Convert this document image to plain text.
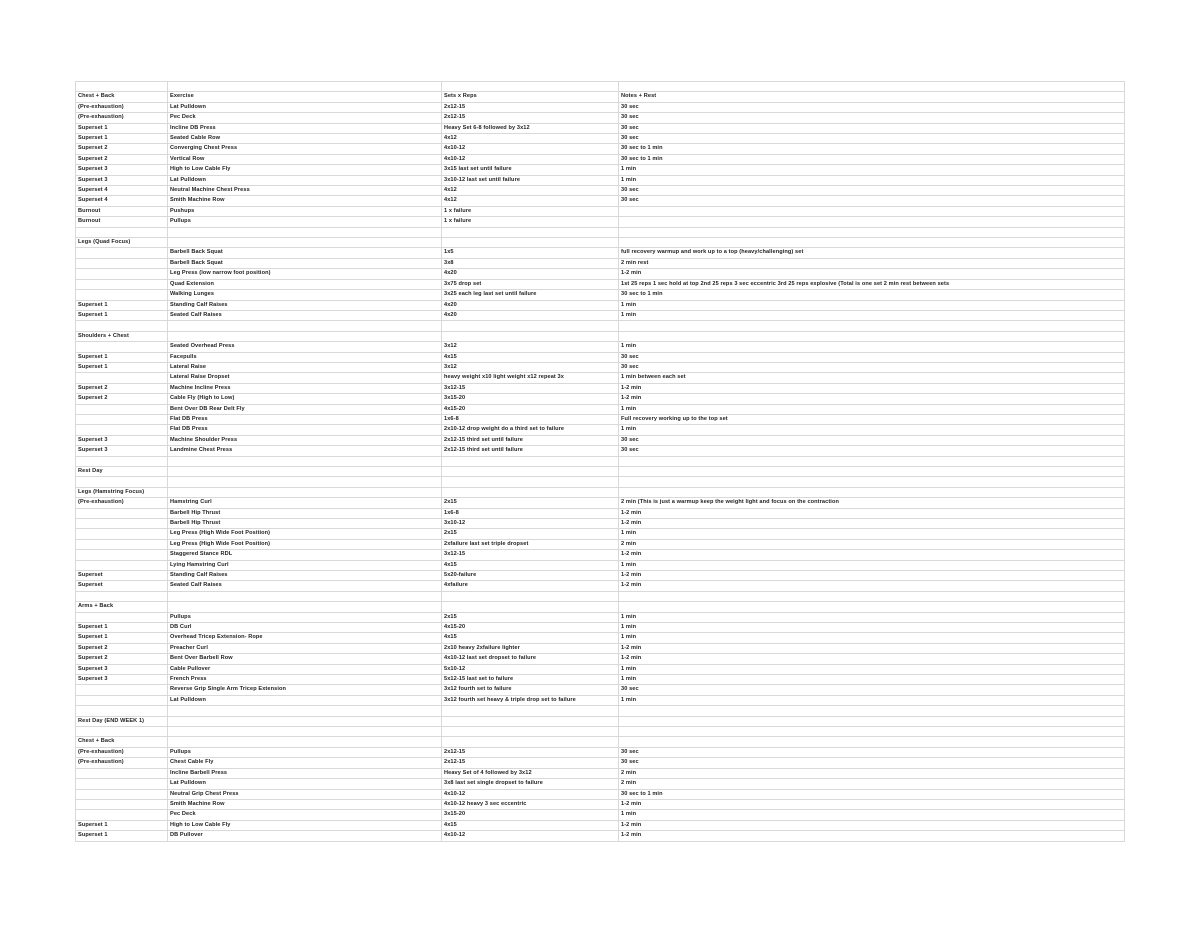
Chest + Back	Exercise	Sets x Reps	Notes + Rest
(Pre-exhaustion)	Lat Pulldown	2x12-15	30 sec
(Pre-exhaustion)	Pec Deck	2x12-15	30 sec
Superset 1	Incline DB Press	Heavy Set 6-8 followed by 3x12	30 sec
Superset 1	Seated Cable Row	4x12	30 sec
Superset 2	Converging Chest Press	4x10-12	30 sec to 1 min
Superset 2	Vertical Row	4x10-12	30 sec to 1 min
Superset 3	High to Low Cable Fly	3x15 last set until failure	1 min
Superset 3	Lat Pulldown	3x10-12 last set until failure	1 min
Superset 4	Neutral Machine Chest Press	4x12	30 sec
Superset 4	Smith Machine Row	4x12	30 sec
Burnout	Pushups	1 x failure	
Burnout	Pullups	1 x failure	

Legs (Quad Focus)			
	Barbell Back Squat	1x5	full recovery warmup and work up to a top (heavy/challenging) set
	Barbell Back Squat	3x8	2 min rest
	Leg Press (low narrow foot position)	4x20	1-2 min
	Quad Extension	3x75 drop set	1st 25 reps 1 sec hold at top 2nd 25 reps 3 sec eccentric 3rd 25 reps explosive (Total is one set 2 min rest between sets
	Walking Lunges	3x25 each leg last set until failure	30 sec to 1 min
Superset 1	Standing Calf Raises	4x20	1 min
Superset 1	Seated Calf Raises	4x20	1 min

Shoulders + Chest			
	Seated Overhead Press	3x12	1 min
Superset 1	Facepulls	4x15	30 sec
Superset 1	Lateral Raise	3x12	30 sec
	Lateral Raise Dropset	heavy weight x10 light weight x12 repeat 3x	1 min between each set
Superset 2	Machine Incline Press	3x12-15	1-2 min
Superset 2	Cable Fly (High to Low)	3x15-20	1-2 min
	Bent Over DB Rear Delt Fly	4x15-20	1 min
	Flat DB Press	1x6-8	Full recovery working up to the top set
	Flat DB Press	2x10-12 drop weight do a third set to failure	1 min
Superset 3	Machine Shoulder Press	2x12-15 third set until failure	30 sec
Superset 3	Landmine Chest Press	2x12-15 third set until failure	30 sec

Rest Day			

Legs (Hamstring Focus)			
(Pre-exhaustion)	Hamstring Curl	2x15	2 min (This is just a warmup keep the weight light and focus on the contraction
	Barbell Hip Thrust	1x6-8	1-2 min
	Barbell Hip Thrust	3x10-12	1-2 min
	Leg Press (High Wide Foot Position)	2x15	1 min
	Leg Press (High Wide Foot Position)	2xfailure last set triple dropset	2 min
	Staggered Stance RDL	3x12-15	1-2 min
	Lying Hamstring Curl	4x15	1 min
Superset	Standing Calf Raises	5x20-failure	1-2 min
Superset	Seated Calf Raises	4xfailure	1-2 min

Arms + Back			
	Pullups	2x15	1 min
Superset 1	DB Curl	4x15-20	1 min
Superset 1	Overhead Tricep Extension- Rope	4x15	1 min
Superset 2	Preacher Curl	2x10 heavy 2xfailure lighter	1-2 min
Superset 2	Bent Over Barbell Row	4x10-12 last set dropset to failure	1-2 min
Superset 3	Cable Pullover	5x10-12	1 min
Superset 3	French Press	5x12-15 last set to failure	1 min
	Reverse Grip Single Arm Tricep Extension	3x12 fourth set to failure	30 sec
	Lat Pulldown	3x12 fourth set heavy & triple drop set to failure	1 min

Rest Day (END WEEK 1)			

Chest + Back			
(Pre-exhaustion)	Pullups	2x12-15	30 sec
(Pre-exhaustion)	Chest Cable Fly	2x12-15	30 sec
	Incline Barbell Press	Heavy Set of 4 followed by 3x12	2 min
	Lat Pulldown	3x8 last set single dropset to failure	2 min
	Neutral Grip Chest Press	4x10-12	30 sec to 1 min
	Smith Machine Row	4x10-12 heavy 3 sec eccentric	1-2 min
	Pec Deck	3x15-20	1 min
Superset 1	High to Low Cable Fly	4x15	1-2 min
Superset 1	DB Pullover	4x10-12	1-2 min
